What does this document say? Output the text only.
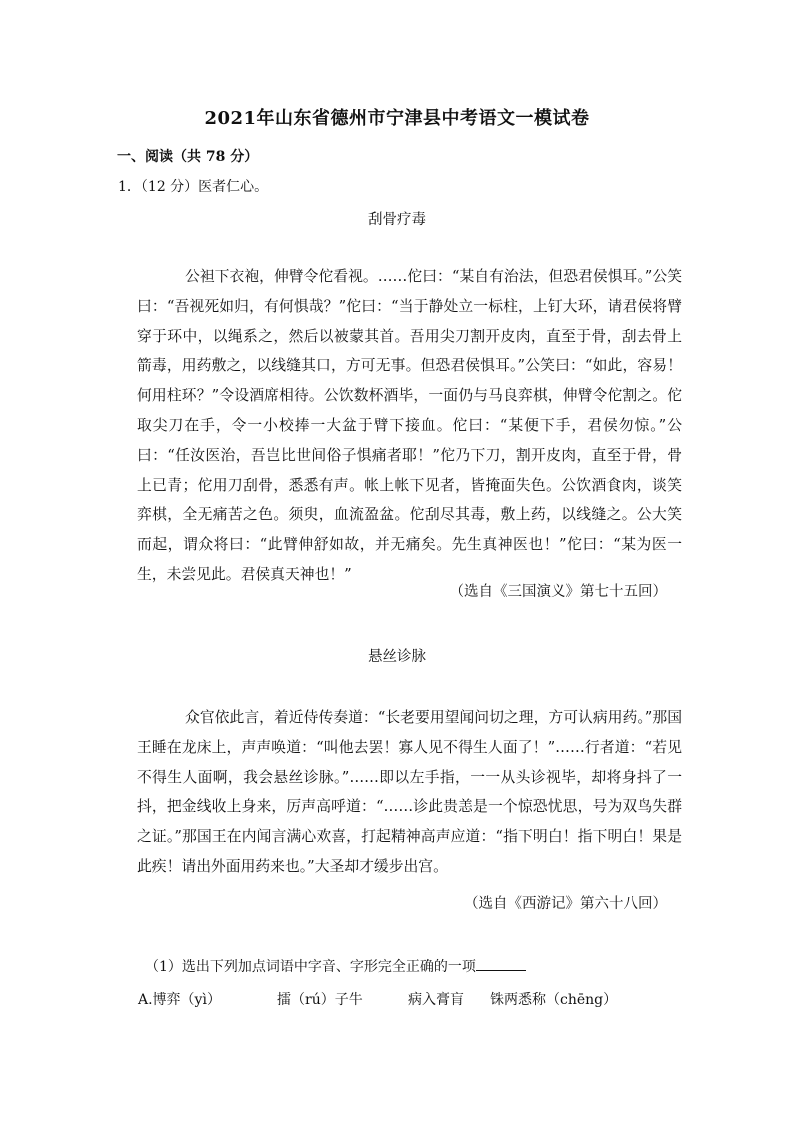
2021年山东省德州市宁津县中考语文一模试卷
一、阅读（共 78 分）
1．（12 分）医者仁心。
刮骨疗毒
公袒下衣袍，伸臂令佗看视。……佗曰：“某自有治法，但恐君侯惧耳。”公笑曰：“吾视死如归，有何惧哉？”佗曰：“当于静处立一标柱，上钉大环，请君侯将臂穿于环中，以绳系之，然后以被蒙其首。吾用尖刀割开皮肉，直至于骨，刮去骨上箭毒，用药敷之，以线缝其口，方可无事。但恐君侯惧耳。”公笑曰：“如此，容易！何用柱环？”令设酒席相待。公饮数杯酒毕，一面仍与马良弈棋，伸臂令佗割之。佗取尖刀在手，令一小校捧一大盆于臂下接血。佗曰：“某便下手，君侯勿惊。”公曰：“任汝医治，吾岂比世间俗子惧痛者耶！”佗乃下刀，割开皮肉，直至于骨，骨上已青；佗用刀刮骨，悉悉有声。帐上帐下见者，皆掩面失色。公饮酒食肉，谈笑弈棋，全无痛苦之色。须臾，血流盈盆。佗刮尽其毒，敷上药，以线缝之。公大笑而起，谓众将曰：“此臂伸舒如故，并无痛矣。先生真神医也！”佗曰：“某为医一生，未尝见此。君侯真天神也！”
（选自《三国演义》第七十五回）
悬丝诊脉
众官依此言，着近侍传奏道：“长老要用望闻问切之理，方可认病用药。”那国王睡在龙床上，声声唤道：“叫他去罢！寡人见不得生人面了！”……行者道：“若见不得生人面啊，我会悬丝诊脉。”……即以左手指，一一从头诊视毕，却将身抖了一抖，把金线收上身来，厉声高呼道：“……诊此贵恙是一个惊恐忧思，号为双鸟失群之证。”那国王在内闻言满心欢喜，打起精神高声应道：“指下明白！指下明白！果是此疾！请出外面用药来也。”大圣却才缓步出宫。
（选自《西游记》第六十八回）
（1）选出下列加点词语中字音、字形完全正确的一项
A.博弈（yì）	擂（rú）子牛	病入膏肓	铢两悉称（chēng）
